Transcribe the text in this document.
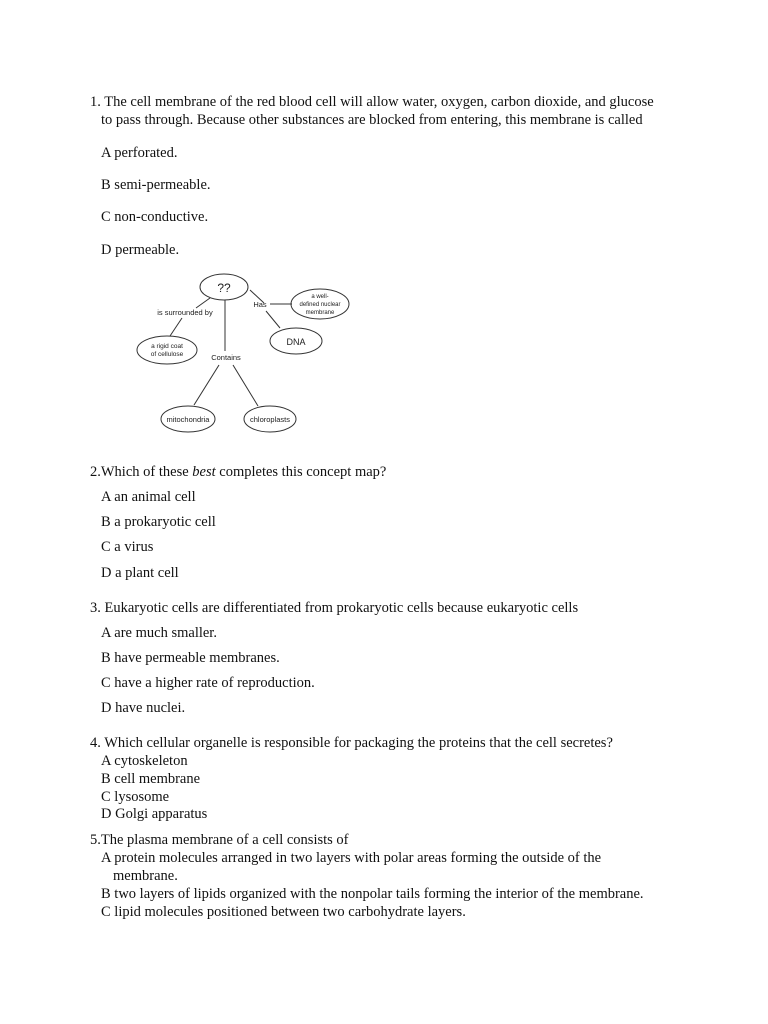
1. The cell membrane of the red blood cell will allow water, oxygen, carbon dioxide, and glucose
to pass through. Because other substances are blocked from entering, this membrane is called
A perforated.
B semi-permeable.
C non-conductive.
D permeable.
??
is surrounded by
Has
Contains
a rigid coat
of cellulose
a well-
defined nuclear
membrane
DNA
mitochondria	chloroplasts
2.Which of these best completes this concept map?
A an animal cell
B a prokaryotic cell
C a virus
D a plant cell
3. Eukaryotic cells are differentiated from prokaryotic cells because eukaryotic cells
A are much smaller.
B have permeable membranes.
C have a higher rate of reproduction.
D have nuclei.
4. Which cellular organelle is responsible for packaging the proteins that the cell secretes?
A cytoskeleton
B cell membrane
C lysosome
D Golgi apparatus
5.The plasma membrane of a cell consists of
A protein molecules arranged in two layers with polar areas forming the outside of the
membrane.
B two layers of lipids organized with the nonpolar tails forming the interior of the membrane.
C lipid molecules positioned between two carbohydrate layers.
